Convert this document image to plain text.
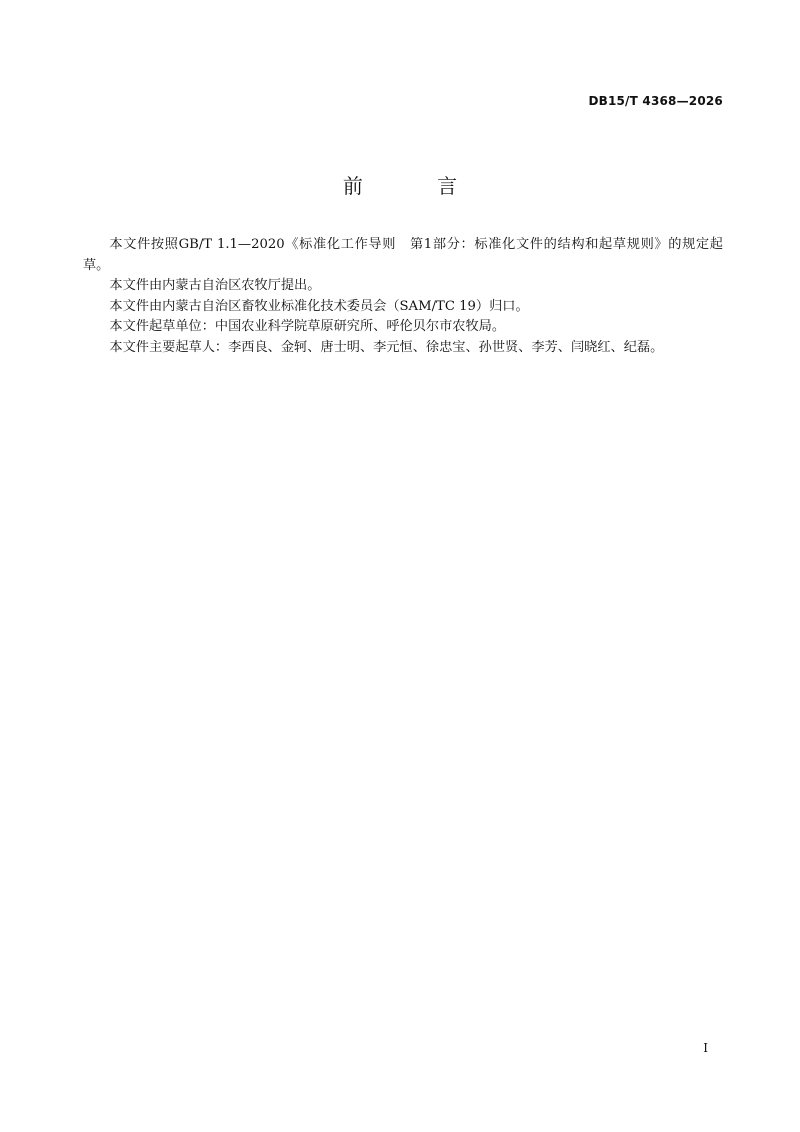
DB15/T 4368—2026
前 言

本文件按照GB/T 1.1—2020《标准化工作导则　第1部分：标准化文件的结构和起草规则》的规定起草。

本文件由内蒙古自治区农牧厅提出。

本文件由内蒙古自治区畜牧业标准化技术委员会（SAM/TC 19）归口。

本文件起草单位：中国农业科学院草原研究所、呼伦贝尔市农牧局。

本文件主要起草人：李西良、金轲、唐士明、李元恒、徐忠宝、孙世贤、李芳、闫晓红、纪磊。

I
